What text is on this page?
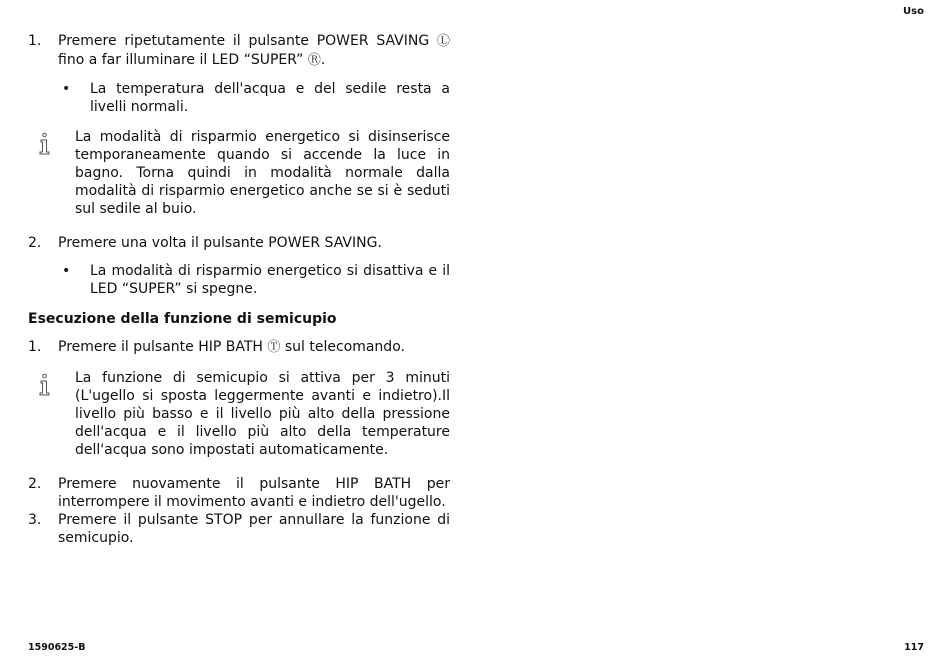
Uso
1.	Premere ripetutamente il pulsante POWER SAVING Ⓛ fino a far illuminare il LED “SUPER” Ⓡ.
•	La temperatura dell'acqua e del sedile resta a livelli normali.
La modalità di risparmio energetico si disinserisce temporaneamente quando si accende la luce in bagno. Torna quindi in modalità normale dalla modalità di risparmio energetico anche se si è seduti sul sedile al buio.
2.	Premere una volta il pulsante POWER SAVING.
•	La modalità di risparmio energetico si disattiva e il LED “SUPER” si spegne.
Esecuzione della funzione di semicupio
1.	Premere il pulsante HIP BATH Ⓣ sul telecomando.
La funzione di semicupio si attiva per 3 minuti (L'ugello si sposta leggermente avanti e indietro).Il livello più basso e il livello più alto della pressione dell'acqua e il livello più alto della temperature dell'acqua sono impostati automaticamente.
2.	Premere nuovamente il pulsante HIP BATH per interrompere il movimento avanti e indietro dell'ugello.
3.	Premere il pulsante STOP per annullare la funzione di semicupio.
1590625-B	117
